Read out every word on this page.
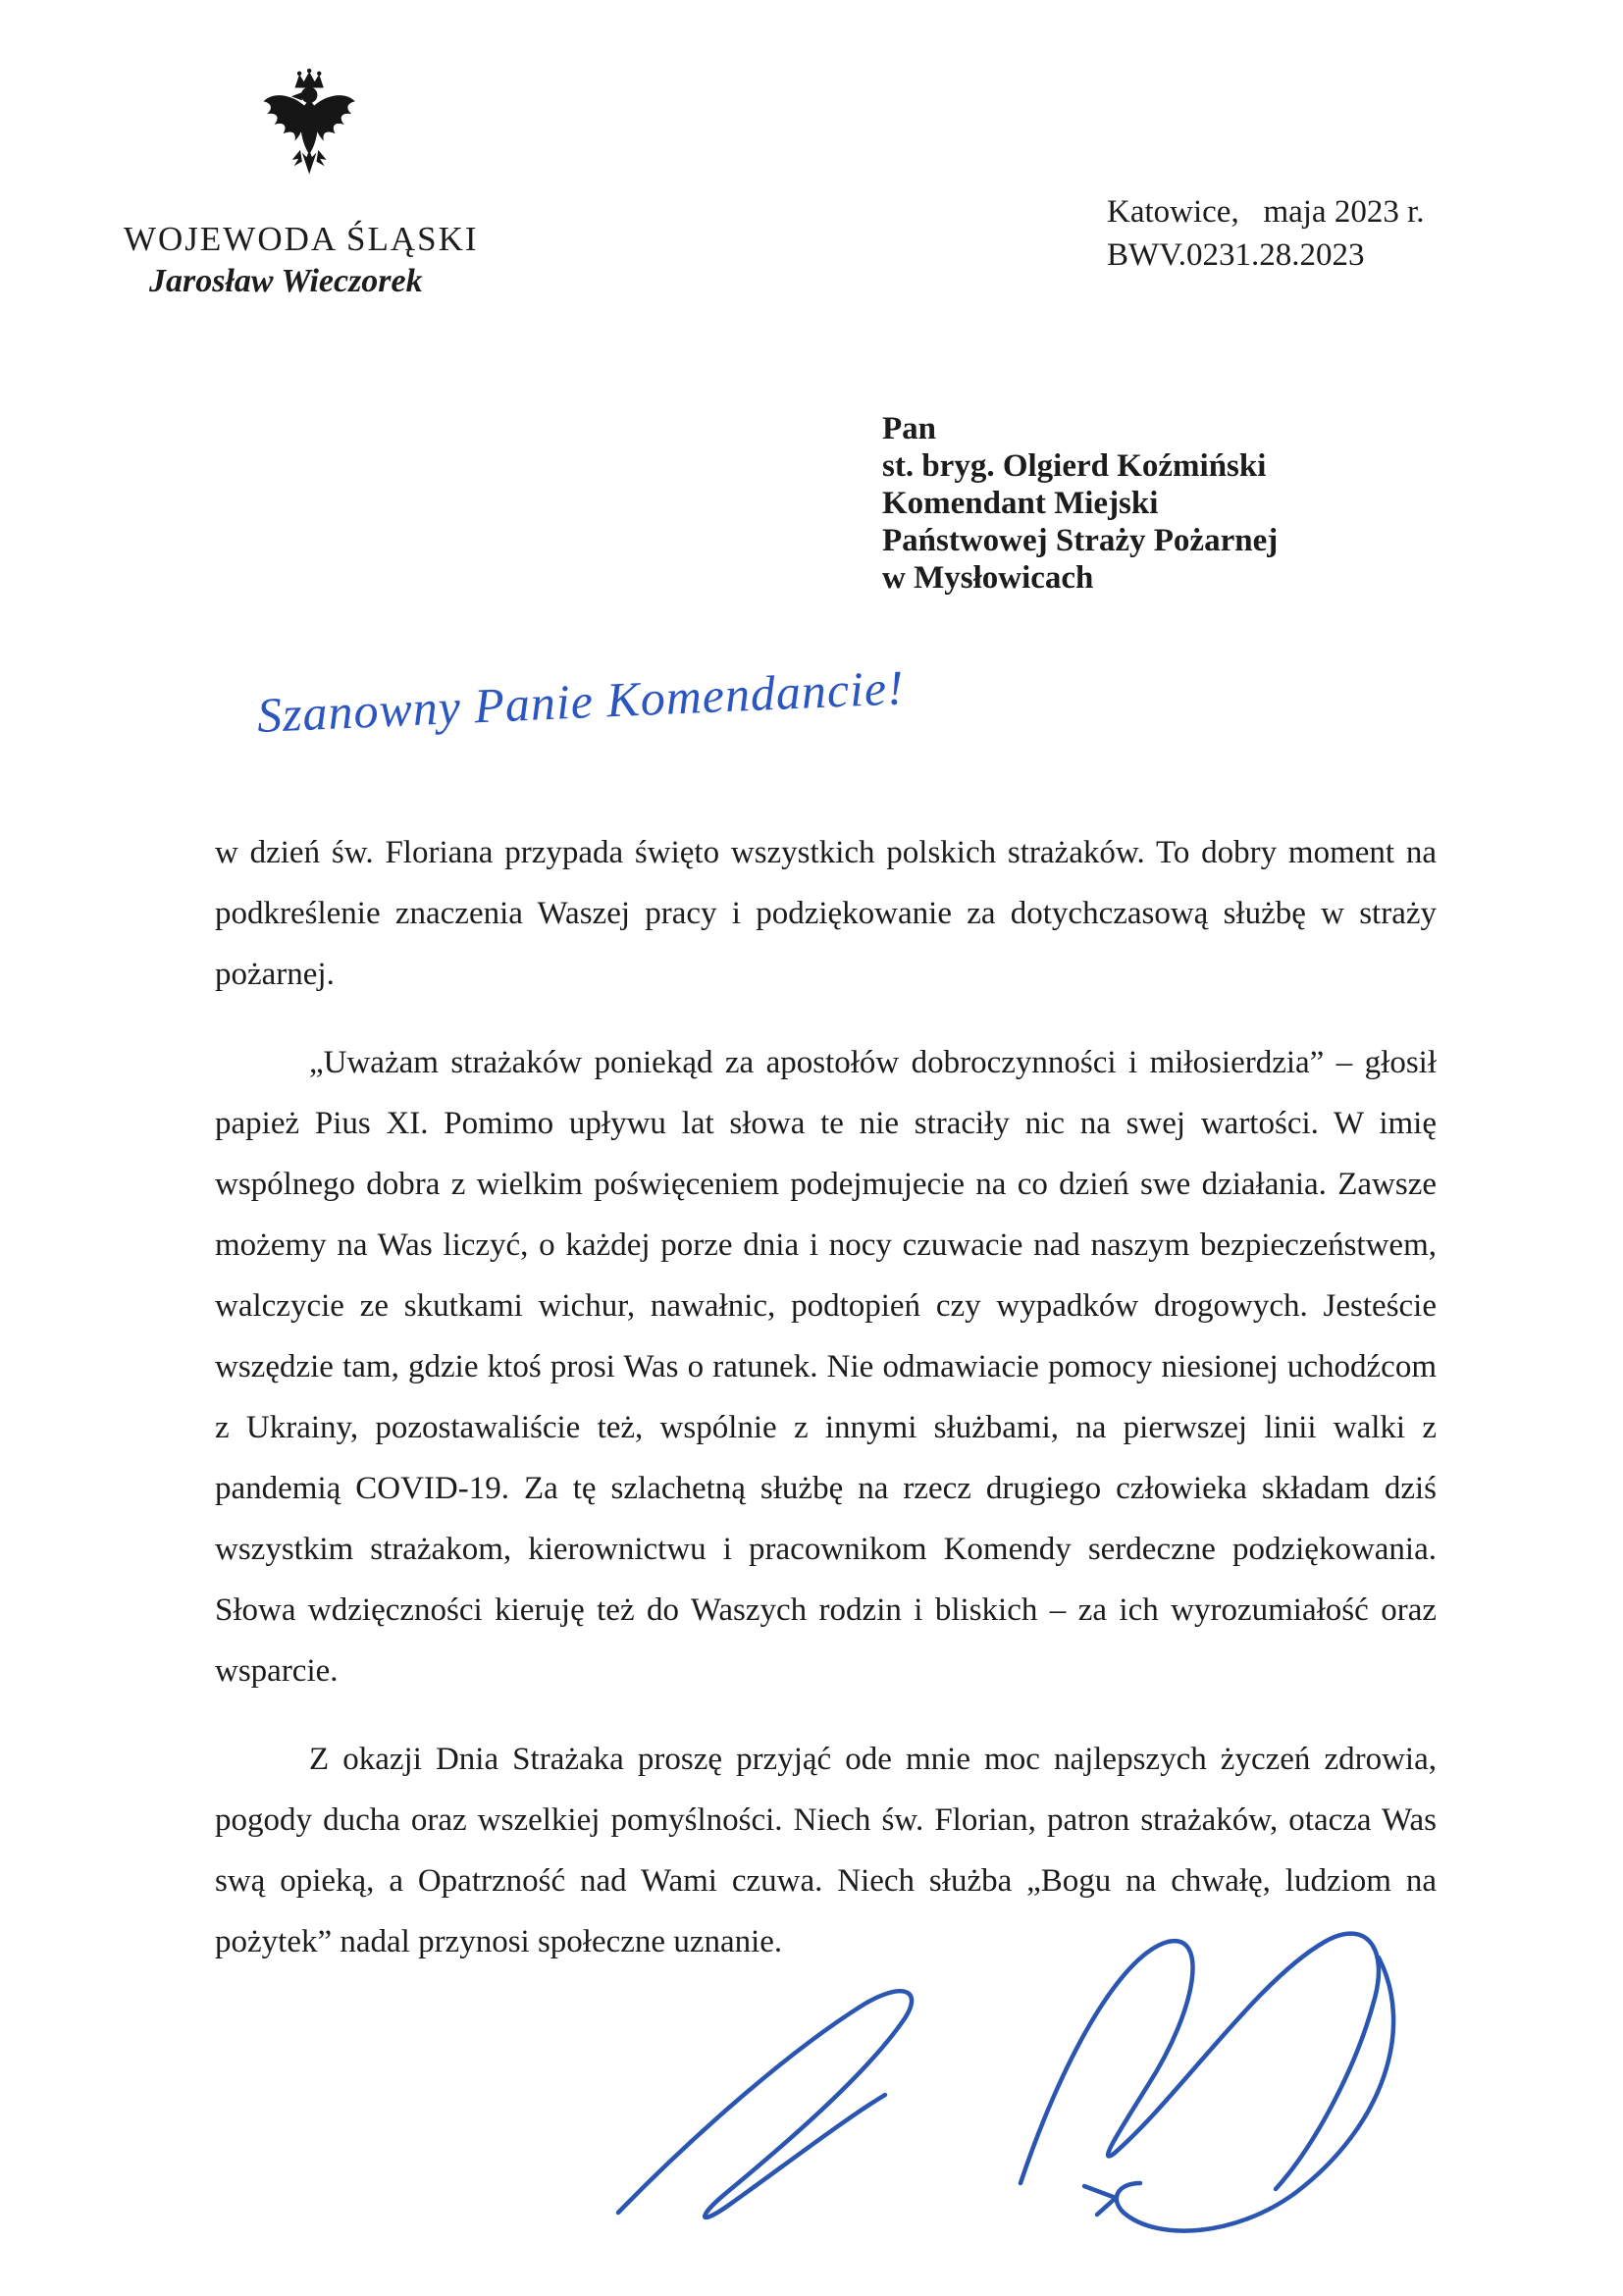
WOJEWODA ŚLĄSKI
Jarosław Wieczorek
Katowice,   maja 2023 r.
BWV.0231.28.2023
Pan
st. bryg. Olgierd Koźmiński
Komendant Miejski
Państwowej Straży Pożarnej
w Mysłowicach
Szanowny Panie Komendancie!

w dzień św. Floriana przypada święto wszystkich polskich strażaków. To dobry moment na podkreślenie znaczenia Waszej pracy i podziękowanie za dotychczasową służbę w straży pożarnej.

„Uważam strażaków poniekąd za apostołów dobroczynności i miłosierdzia” – głosił papież Pius XI. Pomimo upływu lat słowa te nie straciły nic na swej wartości. W imię wspólnego dobra z wielkim poświęceniem podejmujecie na co dzień swe działania. Zawsze możemy na Was liczyć, o każdej porze dnia i nocy czuwacie nad naszym bezpieczeństwem, walczycie ze skutkami wichur, nawałnic, podtopień czy wypadków drogowych. Jesteście wszędzie tam, gdzie ktoś prosi Was o ratunek. Nie odmawiacie pomocy niesionej uchodźcom z Ukrainy, pozostawaliście też, wspólnie z innymi służbami, na pierwszej linii walki z pandemią COVID-19. Za tę szlachetną służbę na rzecz drugiego człowieka składam dziś wszystkim strażakom, kierownictwu i pracownikom Komendy serdeczne podziękowania. Słowa wdzięczności kieruję też do Waszych rodzin i bliskich – za ich wyrozumiałość oraz wsparcie.

Z okazji Dnia Strażaka proszę przyjąć ode mnie moc najlepszych życzeń zdrowia, pogody ducha oraz wszelkiej pomyślności. Niech św. Florian, patron strażaków, otacza Was swą opieką, a Opatrzność nad Wami czuwa. Niech służba „Bogu na chwałę, ludziom na pożytek” nadal przynosi społeczne uznanie.
